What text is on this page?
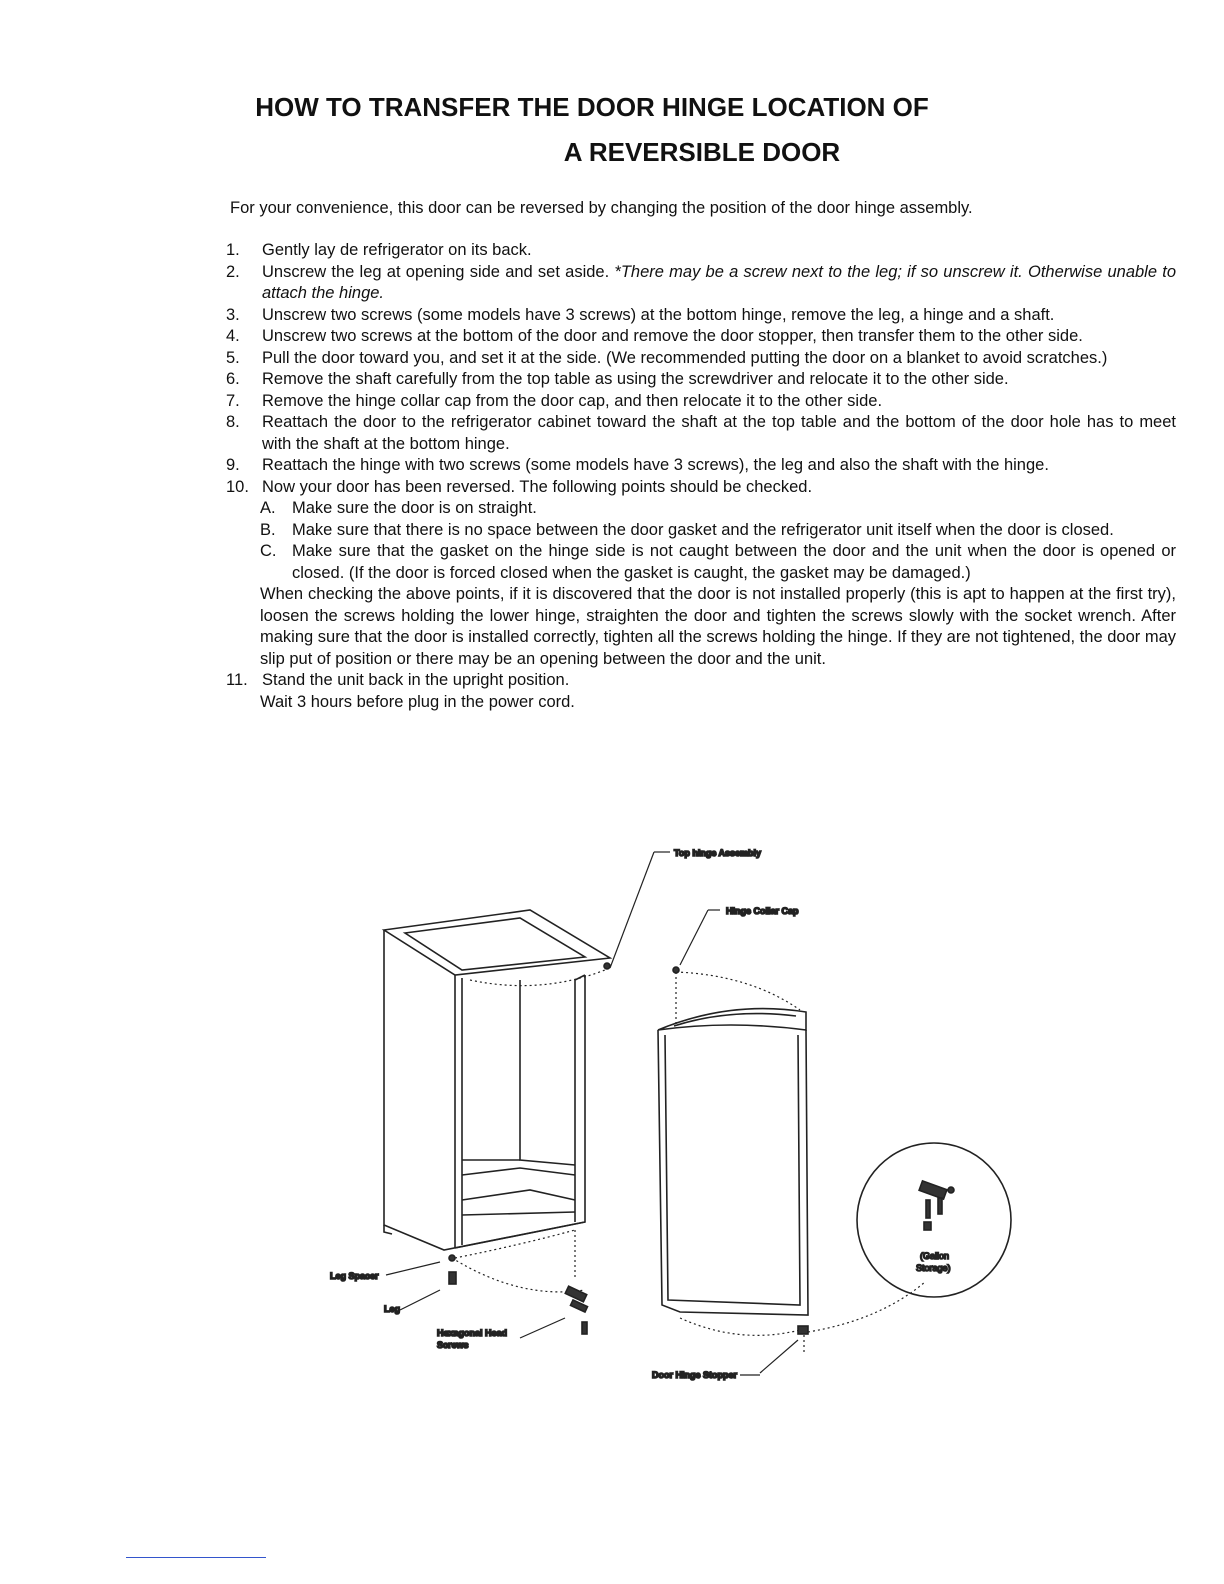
HOW TO TRANSFER THE DOOR HINGE LOCATION OF
A REVERSIBLE DOOR
For your convenience, this door can be reversed by changing the position of the door hinge assembly.
1.	Gently lay de refrigerator on its back.
2.	Unscrew the leg at opening side and set aside. *There may be a screw next to the leg; if so unscrew it. Otherwise unable to attach the hinge.
3.	Unscrew two screws (some models have 3 screws) at the bottom hinge, remove the leg, a hinge and a shaft.
4.	Unscrew two screws at the bottom of the door and remove the door stopper, then transfer them to the other side.
5.	Pull the door toward you, and set it at the side. (We recommended putting the door on a blanket to avoid scratches.)
6.	Remove the shaft carefully from the top table as using the screwdriver and relocate it to the other side.
7.	Remove the hinge collar cap from the door cap, and then relocate it to the other side.
8.	Reattach the door to the refrigerator cabinet toward the shaft at the top table and the bottom of the door hole has to meet with the shaft at the bottom hinge.
9.	Reattach the hinge with two screws (some models have 3 screws), the leg and also the shaft with the hinge.
10. Now your door has been reversed. The following points should be checked.
A. Make sure the door is on straight.
B. Make sure that there is no space between the door gasket and the refrigerator unit itself when the door is closed.
C. Make sure that the gasket on the hinge side is not caught between the door and the unit when the door is opened or closed. (If the door is forced closed when the gasket is caught, the gasket may be damaged.)
When checking the above points, if it is discovered that the door is not installed properly (this is apt to happen at the first try), loosen the screws holding the lower hinge, straighten the door and tighten the screws slowly with the socket wrench. After making sure that the door is installed correctly, tighten all the screws holding the hinge. If they are not tightened, the door may slip put of position or there may be an opening between the door and the unit.
11. Stand the unit back in the upright position.
Wait 3 hours before plug in the power cord.
Top hinge Assembly
Hinge Collar Cap
Leg Spacer
Leg
Hexagonal Head
Screws
Door Hinge Stopper
(Gallon
Storage)
